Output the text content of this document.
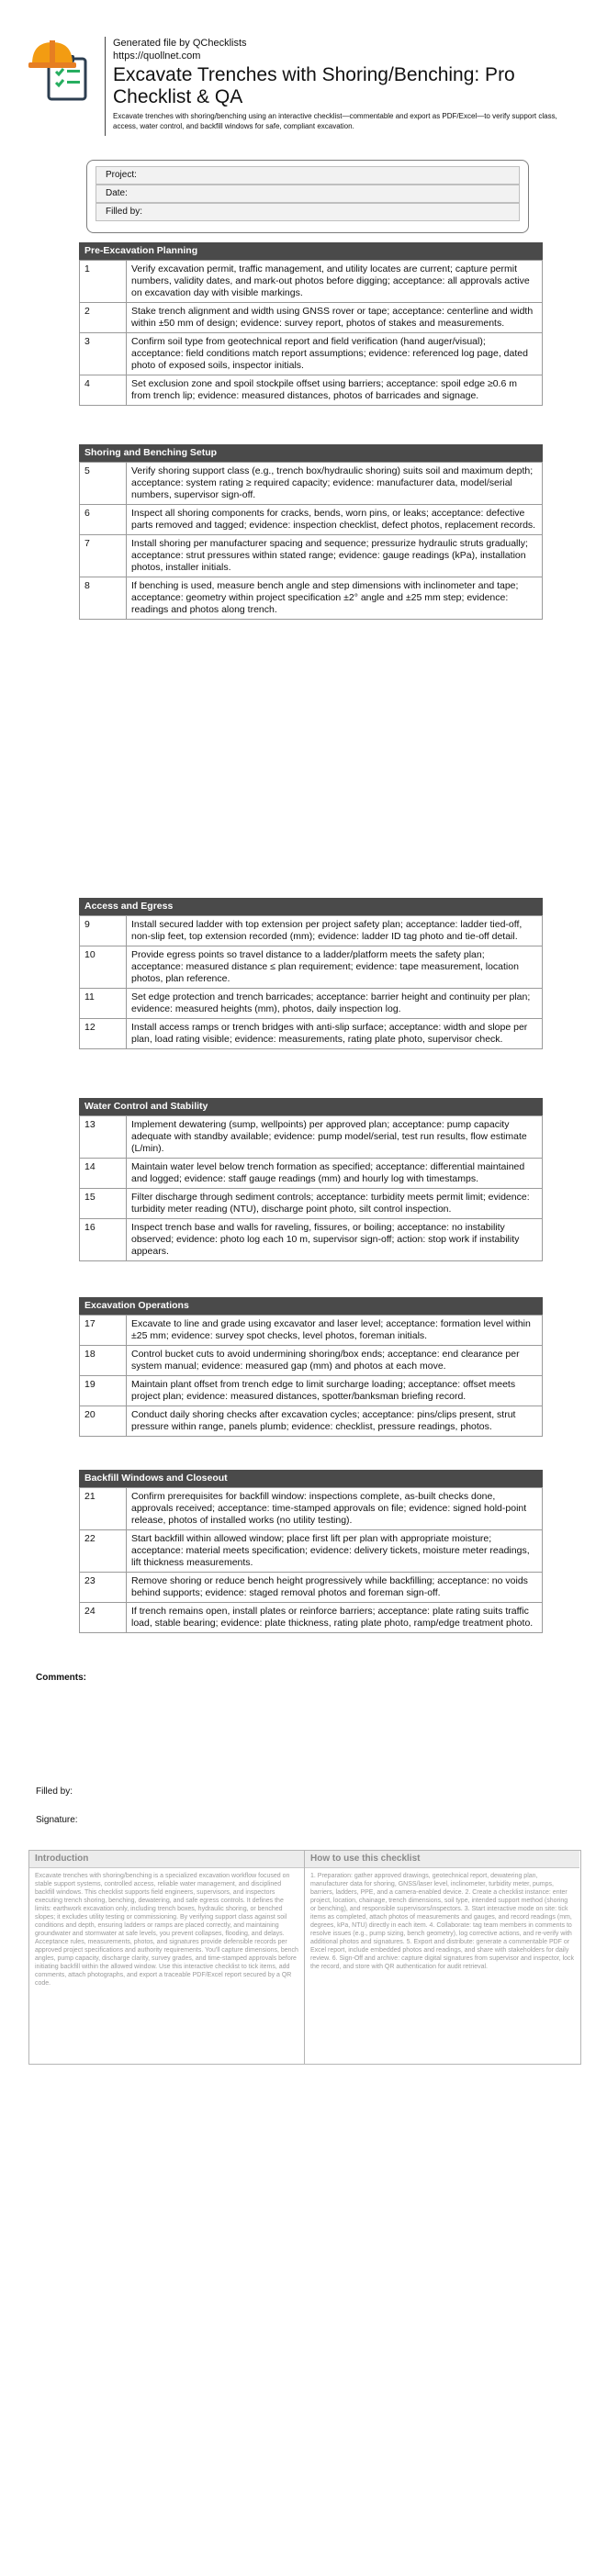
Generated file by QChecklists
https://quollnet.com
Excavate Trenches with Shoring/Benching: Pro Checklist & QA
Excavate trenches with shoring/benching using an interactive checklist—commentable and export as PDF/Excel—to verify support class, access, water control, and backfill windows for safe, compliant excavation.
Project:
Date:
Filled by:
Pre-Excavation Planning
1	Verify excavation permit, traffic management, and utility locates are current; capture permit numbers, validity dates, and mark-out photos before digging; acceptance: all approvals active on excavation day with visible markings.
2	Stake trench alignment and width using GNSS rover or tape; acceptance: centerline and width within ±50 mm of design; evidence: survey report, photos of stakes and measurements.
3	Confirm soil type from geotechnical report and field verification (hand auger/visual); acceptance: field conditions match report assumptions; evidence: referenced log page, dated photo of exposed soils, inspector initials.
4	Set exclusion zone and spoil stockpile offset using barriers; acceptance: spoil edge ≥0.6 m from trench lip; evidence: measured distances, photos of barricades and signage.
Shoring and Benching Setup
5	Verify shoring support class (e.g., trench box/hydraulic shoring) suits soil and maximum depth; acceptance: system rating ≥ required capacity; evidence: manufacturer data, model/serial numbers, supervisor sign-off.
6	Inspect all shoring components for cracks, bends, worn pins, or leaks; acceptance: defective parts removed and tagged; evidence: inspection checklist, defect photos, replacement records.
7	Install shoring per manufacturer spacing and sequence; pressurize hydraulic struts gradually; acceptance: strut pressures within stated range; evidence: gauge readings (kPa), installation photos, installer initials.
8	If benching is used, measure bench angle and step dimensions with inclinometer and tape; acceptance: geometry within project specification ±2° angle and ±25 mm step; evidence: readings and photos along trench.
Access and Egress
9	Install secured ladder with top extension per project safety plan; acceptance: ladder tied-off, non-slip feet, top extension recorded (mm); evidence: ladder ID tag photo and tie-off detail.
10	Provide egress points so travel distance to a ladder/platform meets the safety plan; acceptance: measured distance ≤ plan requirement; evidence: tape measurement, location photos, plan reference.
11	Set edge protection and trench barricades; acceptance: barrier height and continuity per plan; evidence: measured heights (mm), photos, daily inspection log.
12	Install access ramps or trench bridges with anti-slip surface; acceptance: width and slope per plan, load rating visible; evidence: measurements, rating plate photo, supervisor check.
Water Control and Stability
13	Implement dewatering (sump, wellpoints) per approved plan; acceptance: pump capacity adequate with standby available; evidence: pump model/serial, test run results, flow estimate (L/min).
14	Maintain water level below trench formation as specified; acceptance: differential maintained and logged; evidence: staff gauge readings (mm) and hourly log with timestamps.
15	Filter discharge through sediment controls; acceptance: turbidity meets permit limit; evidence: turbidity meter reading (NTU), discharge point photo, silt control inspection.
16	Inspect trench base and walls for raveling, fissures, or boiling; acceptance: no instability observed; evidence: photo log each 10 m, supervisor sign-off; action: stop work if instability appears.
Excavation Operations
17	Excavate to line and grade using excavator and laser level; acceptance: formation level within ±25 mm; evidence: survey spot checks, level photos, foreman initials.
18	Control bucket cuts to avoid undermining shoring/box ends; acceptance: end clearance per system manual; evidence: measured gap (mm) and photos at each move.
19	Maintain plant offset from trench edge to limit surcharge loading; acceptance: offset meets project plan; evidence: measured distances, spotter/banksman briefing record.
20	Conduct daily shoring checks after excavation cycles; acceptance: pins/clips present, strut pressure within range, panels plumb; evidence: checklist, pressure readings, photos.
Backfill Windows and Closeout
21	Confirm prerequisites for backfill window: inspections complete, as-built checks done, approvals received; acceptance: time-stamped approvals on file; evidence: signed hold-point release, photos of installed works (no utility testing).
22	Start backfill within allowed window; place first lift per plan with appropriate moisture; acceptance: material meets specification; evidence: delivery tickets, moisture meter readings, lift thickness measurements.
23	Remove shoring or reduce bench height progressively while backfilling; acceptance: no voids behind supports; evidence: staged removal photos and foreman sign-off.
24	If trench remains open, install plates or reinforce barriers; acceptance: plate rating suits traffic load, stable bearing; evidence: plate thickness, rating plate photo, ramp/edge treatment photo.
Comments:
Filled by:
Signature:
Introduction
Excavate trenches with shoring/benching is a specialized excavation workflow focused on stable support systems, controlled access, reliable water management, and disciplined backfill windows. This checklist supports field engineers, supervisors, and inspectors executing trench shoring, benching, dewatering, and safe egress controls. It defines the limits: earthwork excavation only, including trench boxes, hydraulic shoring, or benched slopes; it excludes utility testing or commissioning. By verifying support class against soil conditions and depth, ensuring ladders or ramps are placed correctly, and maintaining groundwater and stormwater at safe levels, you prevent collapses, flooding, and delays. Acceptance rules, measurements, photos, and signatures provide defensible records per approved project specifications and authority requirements. You'll capture dimensions, bench angles, pump capacity, discharge clarity, survey grades, and time-stamped approvals before initiating backfill within the allowed window. Use this interactive checklist to tick items, add comments, attach photographs, and export a traceable PDF/Excel report secured by a QR code.
How to use this checklist
1. Preparation: gather approved drawings, geotechnical report, dewatering plan, manufacturer data for shoring, GNSS/laser level, inclinometer, turbidity meter, pumps, barriers, ladders, PPE, and a camera-enabled device. 2. Create a checklist instance: enter project, location, chainage, trench dimensions, soil type, intended support method (shoring or benching), and responsible supervisors/inspectors. 3. Start interactive mode on site: tick items as completed, attach photos of measurements and gauges, and record readings (mm, degrees, kPa, NTU) directly in each item. 4. Collaborate: tag team members in comments to resolve issues (e.g., pump sizing, bench geometry), log corrective actions, and re-verify with additional photos and signatures. 5. Export and distribute: generate a commentable PDF or Excel report, include embedded photos and readings, and share with stakeholders for daily review. 6. Sign-Off and archive: capture digital signatures from supervisor and inspector, lock the record, and store with QR authentication for audit retrieval.
